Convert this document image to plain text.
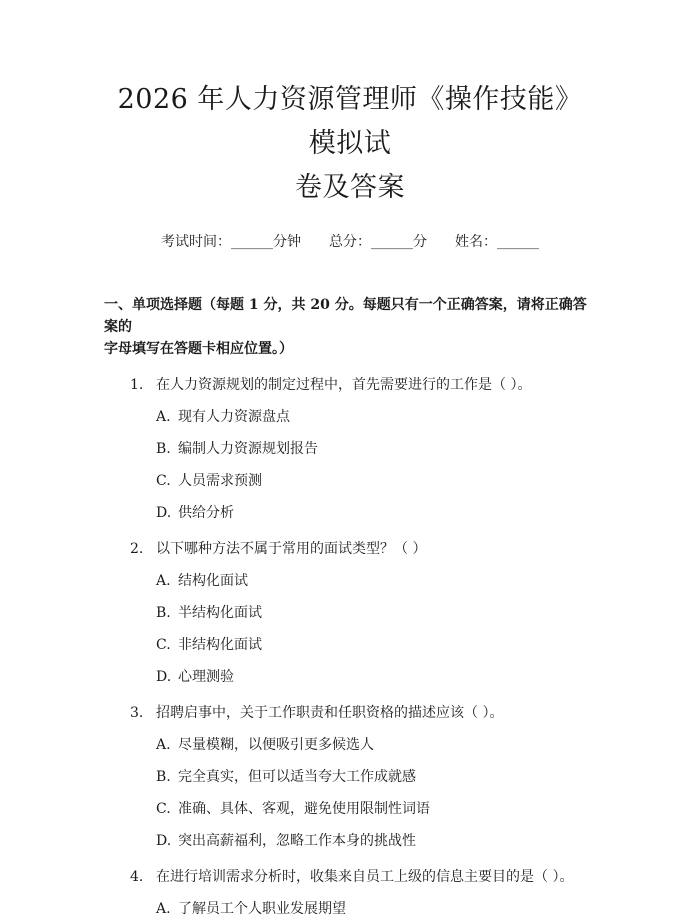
2026 年人力资源管理师《操作技能》模拟试
卷及答案
考试时间：______分钟 总分：______分 姓名：______
一、单项选择题（每题 1 分，共 20 分。每题只有一个正确答案，请将正确答案的
字母填写在答题卡相应位置。）
1. 在人力资源规划的制定过程中，首先需要进行的工作是（ ）。
A. 现有人力资源盘点
B. 编制人力资源规划报告
C. 人员需求预测
D. 供给分析
2. 以下哪种方法不属于常用的面试类型？（ ）
A. 结构化面试
B. 半结构化面试
C. 非结构化面试
D. 心理测验
3. 招聘启事中，关于工作职责和任职资格的描述应该（ ）。
A. 尽量模糊，以便吸引更多候选人
B. 完全真实，但可以适当夸大工作成就感
C. 准确、具体、客观，避免使用限制性词语
D. 突出高薪福利，忽略工作本身的挑战性
4. 在进行培训需求分析时，收集来自员工上级的信息主要目的是（ ）。
A. 了解员工个人职业发展期望
